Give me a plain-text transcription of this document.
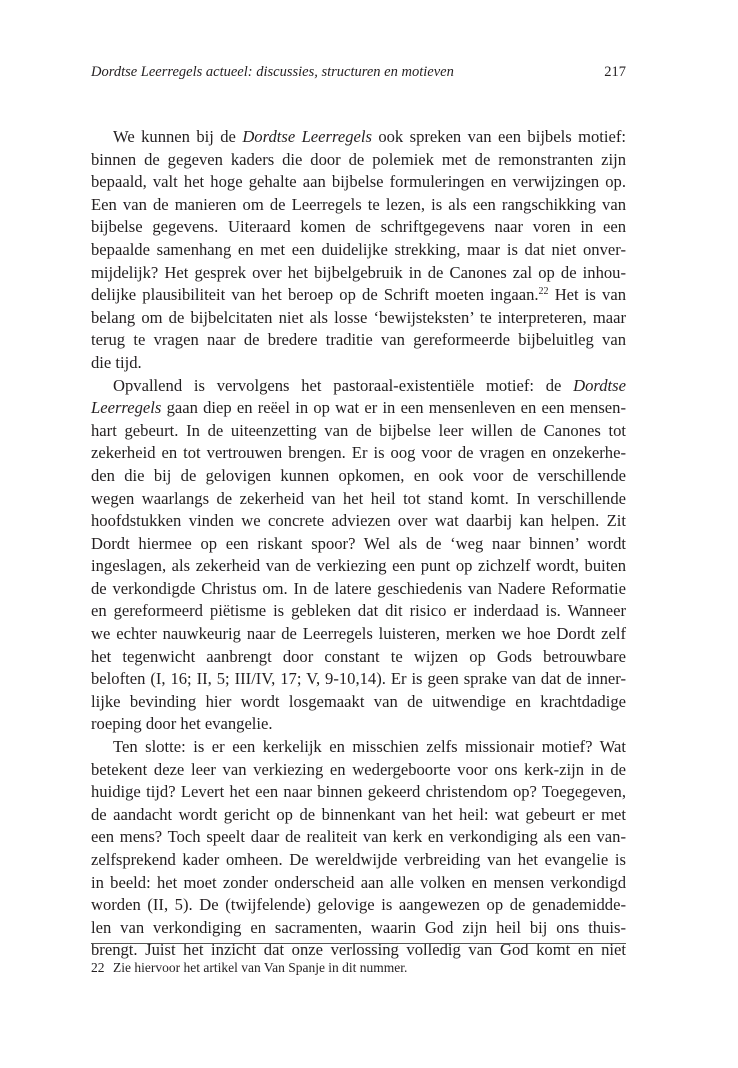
Dordtse Leerregels actueel: discussies, structuren en motieven	217
We kunnen bij de Dordtse Leerregels ook spreken van een bijbels motief:
binnen de gegeven kaders die door de polemiek met de remonstranten zijn
bepaald, valt het hoge gehalte aan bijbelse formuleringen en verwijzingen op.
Een van de manieren om de Leerregels te lezen, is als een rangschikking van
bijbelse gegevens. Uiteraard komen de schriftgegevens naar voren in een
bepaalde samenhang en met een duidelijke strekking, maar is dat niet onver-
mijdelijk? Het gesprek over het bijbelgebruik in de Canones zal op de inhou-
delijke plausibiliteit van het beroep op de Schrift moeten ingaan.$^{22}$ Het is van
belang om de bijbelcitaten niet als losse ‘bewijsteksten’ te interpreteren, maar
terug te vragen naar de bredere traditie van gereformeerde bijbeluitleg van
die tijd.
Opvallend is vervolgens het pastoraal-existentiële motief: de Dordtse
Leerregels gaan diep en reëel in op wat er in een mensenleven en een mensen-
hart gebeurt. In de uiteenzetting van de bijbelse leer willen de Canones tot
zekerheid en tot vertrouwen brengen. Er is oog voor de vragen en onzekerhe-
den die bij de gelovigen kunnen opkomen, en ook voor de verschillende
wegen waarlangs de zekerheid van het heil tot stand komt. In verschillende
hoofdstukken vinden we concrete adviezen over wat daarbij kan helpen. Zit
Dordt hiermee op een riskant spoor? Wel als de ‘weg naar binnen’ wordt
ingeslagen, als zekerheid van de verkiezing een punt op zichzelf wordt, buiten
de verkondigde Christus om. In de latere geschiedenis van Nadere Reformatie
en gereformeerd piëtisme is gebleken dat dit risico er inderdaad is. Wanneer
we echter nauwkeurig naar de Leerregels luisteren, merken we hoe Dordt zelf
het tegenwicht aanbrengt door constant te wijzen op Gods betrouwbare
beloften (I, 16; II, 5; III/IV, 17; V, 9-10,14). Er is geen sprake van dat de inner-
lijke bevinding hier wordt losgemaakt van de uitwendige en krachtdadige
roeping door het evangelie.
Ten slotte: is er een kerkelijk en misschien zelfs missionair motief? Wat
betekent deze leer van verkiezing en wedergeboorte voor ons kerk-zijn in de
huidige tijd? Levert het een naar binnen gekeerd christendom op? Toegegeven,
de aandacht wordt gericht op de binnenkant van het heil: wat gebeurt er met
een mens? Toch speelt daar de realiteit van kerk en verkondiging als een van-
zelfsprekend kader omheen. De wereldwijde verbreiding van het evangelie is
in beeld: het moet zonder onderscheid aan alle volken en mensen verkondigd
worden (II, 5). De (twijfelende) gelovige is aangewezen op de genademidde-
len van verkondiging en sacramenten, waarin God zijn heil bij ons thuis-
brengt. Juist het inzicht dat onze verlossing volledig van God komt en niet
22 Zie hiervoor het artikel van Van Spanje in dit nummer.
